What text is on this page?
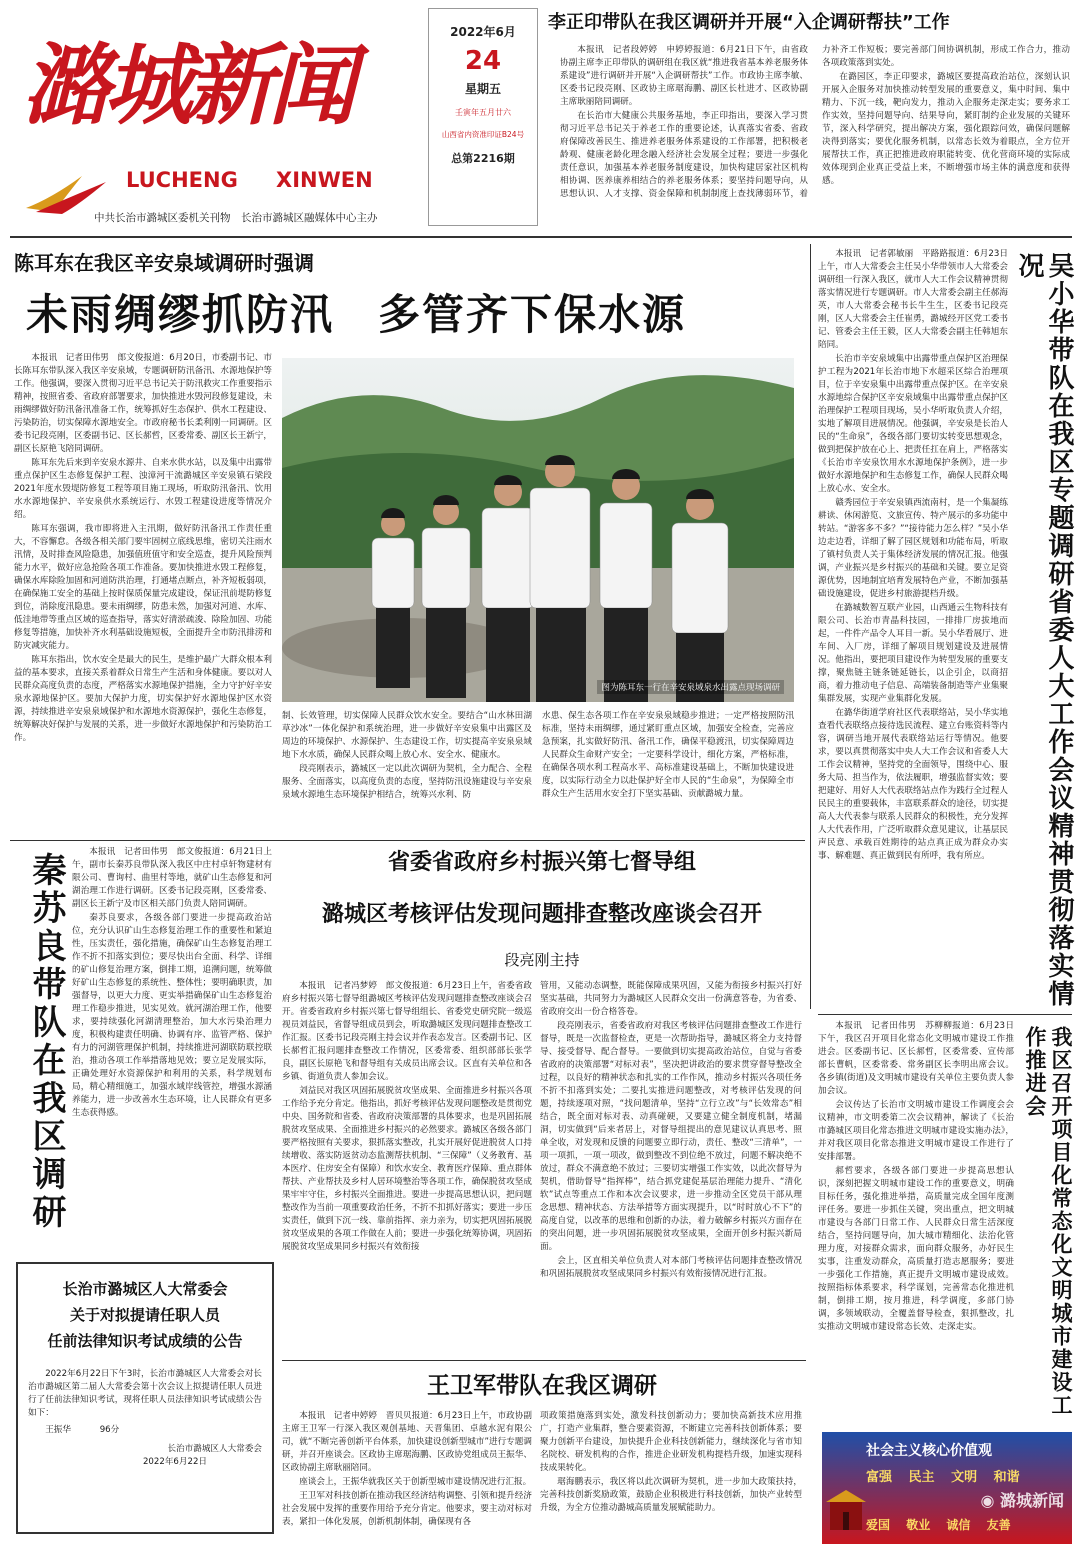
潞城新闻
LUCHENG XINWEN
中共长治市潞城区委机关刊物　长治市潞城区融媒体中心主办
2022年6月
24
星期五
壬寅年五月廿六
山西省内资准印证B24号
总第2216期
李正印带队在我区调研并开展“入企调研帮扶”工作

本报讯　记者段婷婷　申婷婷报道：6月21日下午，由省政协副主席李正印带队的调研组在我区就“推进我省基本养老服务体系建设”进行调研并开展“入企调研帮扶”工作。市政协主席李敏、区委书记段亮刚、区政协主席琚海鹏、副区长杜进才、区政协副主席耿丽陪同调研。

在长治市大健康公共服务基地，李正印指出，要深入学习贯彻习近平总书记关于养老工作的重要论述，认真落实省委、省政府保障改善民生、推进养老服务体系建设的工作部署，把积极老龄观、健康老龄化理念融入经济社会发展全过程；要进一步强化责任意识，加强基本养老服务制度建设，加快构建居家社区机构相协调、医养康养相结合的养老服务体系；要坚持问题导向，从思想认识、人才支撑、资金保障和机制制度上查找薄弱环节，着力补齐工作短板；要完善部门间协调机制，形成工作合力，推动各项政策落到实处。

在潞园区，李正印要求，潞城区要提高政治站位，深刻认识开展入企服务对加快推动转型发展的重要意义，集中时间、集中精力、下沉一线，靶向发力，推动入企服务走深走实；要务求工作实效，坚持问题导向、结果导向，紧盯制约企业发展的关键环节，深入科学研究，提出解决方案，强化跟踪问效，确保问题解决得到落实；要优化服务机制，以常态长效为着眼点，全方位开展帮扶工作，真正把推进政府职能转变、优化营商环境的实际成效体现到企业真正受益上来，不断增强市场主体的满意度和获得感。

陈耳东在我区辛安泉域调研时强调
未雨绸缪抓防汛　多管齐下保水源

本报讯　记者田伟男　郎文俊报道：6月20日，市委副书记、市长陈耳东带队深入我区辛安泉域，专题调研防汛备汛、水源地保护等工作。他强调，要深入贯彻习近平总书记关于防汛救灾工作重要指示精神，按照省委、省政府部署要求，加快推进水毁河段修复建设，未雨绸缪做好防汛备汛准备工作，统筹抓好生态保护、供水工程建设、污染防治，切实保障水源地安全。市政府秘书长柔利刚一同调研。区委书记段亮刚，区委副书记、区长郝哲，区委常委、副区长王新宁，副区长原艳飞陪同调研。

陈耳东先后来到辛安泉水源井、自来水供水站，以及集中出露带重点保护区生态修复保护工程、浊漳河干流潞城区辛安泉镇石梁段2021年度水毁堤防修复工程等项目施工现场，听取防汛备汛、饮用水水源地保护、辛安泉供水系统运行、水毁工程建设进度等情况介绍。

陈耳东强调，我市即将进入主汛期，做好防汛备汛工作责任重大，不容懈怠。各级各相关部门要牢固树立底线思维，密切关注雨水汛情，及时排查风险隐患，加强值班值守和安全巡查，提升风险预判能力水平，做好应急抢险各项工作准备。要加快推进水毁工程修复，确保水库除险加固和河道防洪治理，打通堵点断点，补齐短板弱项，在确保施工安全的基础上按时保质保量完成建设，保证汛前堤防修复到位，消除度汛隐患。要未雨绸缪，防患未然，加强对河道、水库、低洼地带等重点区域的巡查指导，落实好清淤疏浚、除险加固、功能修复等措施，加快补齐水利基础设施短板，全面提升全市防汛排涝和防灾减灾能力。

陈耳东指出，饮水安全是最大的民生，是维护最广大群众根本利益的基本要求，直接关系着群众日常生产生活和身体健康。要以对人民群众高度负责的态度，严格落实水源地保护措施，全力守护好辛安泉水源地保护区。要加大保护力度，切实保护好水源地保护区水资源，持续推进辛安泉泉域保护和水源地水资源保护，强化生态修复，统筹解决好保护与发展的关系，进一步做好水源地保护和污染防治工作。

图为陈耳东一行在辛安泉域泉水出露点现场调研

制、长效管理，切实保障人民群众饮水安全。要结合“山水林田湖草沙冰”一体化保护和系统治理，进一步做好辛安泉集中出露区及周边的环境保护、水源保护、生态建设工作，切实提高辛安泉泉域地下水水质，确保人民群众喝上放心水、安全水、健康水。

段亮刚表示，潞城区一定以此次调研为契机，全力配合、全程服务、全面落实，以高度负责的态度，坚持防汛设施建设与辛安泉泉域水源地生态环境保护相结合，统筹兴水利、防

水患、保生态各项工作在辛安泉泉域稳步推进；一定严格按照防汛标准，坚持未雨绸缪，通过紧盯重点区域，加强安全检查，完善应急预案，扎实做好防汛、备汛工作，确保平稳渡汛，切实保障周边人民群众生命财产安全；一定要科学设计，细化方案，严格标准，在确保各项水利工程高水平、高标准建设基础上，不断加快建设进度，以实际行动全力以赴保护好全市人民的“生命泉”，为保障全市群众生产生活用水安全打下坚实基础、贡献潞城力量。

本报讯　记者郭敏丽　平路路报道：6月23日上午，市人大常委会主任吴小华带领市人大常委会调研组一行深入我区，就市人大工作会议精神贯彻落实情况进行专题调研。市人大常委会副主任郝海英，市人大常委会秘书长牛生生，区委书记段亮刚，区人大常委会主任崔勇，潞城经开区党工委书记、管委会主任王毅，区人大常委会副主任韩旭东陪同。

长治市辛安泉域集中出露带重点保护区治理保护工程为2021年长治市地下水超采区综合治理项目，位于辛安泉集中出露带重点保护区。在辛安泉水源地综合保护区辛安泉域集中出露带重点保护区治理保护工程项目现场，吴小华听取负责人介绍，实地了解项目进展情况。他强调，辛安泉是长治人民的“生命泉”，各级各部门要切实转变思想观念，做到把保护放在心上、把责任扛在肩上，严格落实《长治市辛安泉饮用水水源地保护条例》，进一步做好水源地保护和生态修复工作，确保人民群众喝上放心水、安全水。

赣秀园位于辛安泉镇西流南村，是一个集凝练耕读、休闲游览、文旅宣传、特产展示的多功能中转站。“游客多不多？”“接待能力怎么样？”吴小华边走边看，详细了解了园区规划和功能布局，听取了镇村负责人关于集体经济发展的情况汇报。他强调，产业振兴是乡村振兴的基础和关键。要立足资源优势，因地制宜培育发展特色产业，不断加强基础设施建设，促进乡村旅游提档升级。

在潞城数智互联产业园，山西通云生物科技有限公司、长治市青晶科技园，一排排厂房拔地而起，一件件产品令人耳目一新。吴小华看展厅、进车间、入厂房，详细了解项目规划建设及进展情况。他指出，要把项目建设作为转型发展的重要支撑，聚焦链主链条链延链长，以企引企，以商招商，着力推动电子信息、高端装备制造等产业集聚集群发展，实现产业集群化发展。

在潞华街道学府社区代表联络站，吴小华实地查看代表联络点接待选民流程、建立台账资料等内容，调研当地开展代表联络站运行等情况。他要求，要以真贯彻落实中央人大工作会议和省委人大工作会议精神，坚持党的全面领导，围绕中心、服务大局、担当作为，依法履职，增强监督实效；要把建好、用好人大代表联络站点作为践行全过程人民民主的重要载体，丰富联系群众的途径，切实提高人大代表参与联系人民群众的积极性，充分发挥人大代表作用，广泛听取群众意见建议，让基层民声民意、承载百姓期待的站点真正成为群众办实事、解难题、真正做到民有所呼，我有所应。	吴小华带队在我区专题调研省委人大工作会议精神贯彻落实情况
秦苏良带队在我区调研	本报讯　记者田伟男　郎文俊报道：6月21日上午，副市长秦苏良带队深入我区中庄村卓轩物建材有限公司、曹询村、曲里村等地，就矿山生态修复和河湖治理工作进行调研。区委书记段亮刚，区委常委、副区长王新宁及市区相关部门负责人陪同调研。

秦苏良要求，各级各部门要进一步提高政治站位，充分认识矿山生态修复治理工作的重要性和紧迫性，压实责任，强化措施，确保矿山生态修复治理工作不折不扣落实到位；要尽快出台全面、科学、详细的矿山修复治理方案，倒排工期，追溯问题，统筹做好矿山生态修复的系统性、整体性；要明确职责，加强督导，以更大力度、更实举措确保矿山生态修复治理工作稳步推进，见实见效。就河湖治理工作，他要求，要持续强化河湖清理整治，加大水污染治理力度，积极构建责任明确、协调有序、监管严格、保护有力的河湖管理保护机制，持续推进河湖联防联控联治，推动各项工作举措落地见效；要立足发展实际，正确处理好水资源保护和利用的关系，科学规划布局，精心精细施工，加强水域岸线管控，增强水源涵养能力，进一步改善水生态环境，让人民群众有更多生态获得感。

省委省政府乡村振兴第七督导组
潞城区考核评估发现问题排查整改座谈会召开
段亮刚主持

本报讯　记者冯梦婷　郎文俊报道：6月23日上午，省委省政府乡村振兴第七督导组潞城区考核评估发现问题排查整改座谈会召开。省委省政府乡村振兴第七督导组组长、省委党史研究院一级巡视员刘益民，省督导组成员到会，听取潞城区发现问题排查整改工作汇报。区委书记段亮刚主持会议并作表态发言。区委副书记、区长郝哲汇报问题排查整改工作情况，区委常委、组织部部长张学良，副区长原艳飞和督导组有关成员出席会议。区直有关单位和各乡镇、街道负责人参加会议。

刘益民对我区巩固拓展脱贫攻坚成果、全面推进乡村振兴各项工作给予充分肯定。他指出，抓好考核评估发现问题整改是贯彻党中央、国务院和省委、省政府决策部署的具体要求，也是巩固拓展脱贫攻坚成果、全面推进乡村振兴的必然要求。潞城区各级各部门要严格按照有关要求，狠抓落实整改，扎实开展好促进脱贫人口持续增收、落实防返贫动态监测帮扶机制、“三保障”（义务教育、基本医疗、住房安全有保障）和饮水安全、教育医疗保障、重点群体帮扶、产业帮扶及乡村人居环境整治等各项工作，确保脱贫攻坚成果牢牢守住，乡村振兴全面推进。要进一步提高思想认识，把问题整改作为当前一项重要政治任务，不折不扣抓好落实；要进一步压实责任，做到下沉一线、靠前指挥、亲力亲为，切实把巩固拓展脱贫攻坚成果的各项工作做在人前；要进一步强化统筹协调，巩固拓展脱贫攻坚成果同乡村振兴有效衔接

管用，又能动态调整，既能保障成果巩固，又能为衔接乡村振兴打好坚实基础，共同努力为潞城区人民群众交出一份满意答卷，为省委、省政府交出一份合格答卷。

段亮刚表示，省委省政府对我区考核评估问题排查整改工作进行督导，既是一次监督检查，更是一次帮助指导，潞城区将全力支持督导、接受督导、配合督导。一要做到切实提高政治站位，自觉与省委省政府的决策部署“对标对表”，坚决把讲政治的要求贯穿督导整改全过程，以良好的精神状态和扎实的工作作风，推动乡村振兴各项任务不折不扣落到实处；二要扎实推进问题整改，对考核评估发现的问题，持续逐项对照，“找问题清单，坚持“立行立改”与“长效常态”相结合，既全面对标对表、动真碰硬，又要建立健全制度机制，堵漏洞，切实做到“后来者居上，对督导组提出的意见建议认真思考、照单全收，对发现和反馈的问题要立即行动，责任、整改“三清单”，一项一项抓，一项一项改，做到整改不到位绝不放过，问题不解决绝不放过，群众不满意绝不放过；三要切实增强工作实效，以此次督导为契机，借助督导“指挥棒”，结合抓党建促基层治理能力提升、“清化软”试点等重点工作和本次会议要求，进一步推动全区党员干部从理念思想、精神状态、方法举措等方面实现提升，以“时时放心不下”的高度自觉，以改革的思维和创新的办法，着力破解乡村振兴方面存在的突出问题，进一步巩固拓展脱贫攻坚成果，全面开创乡村振兴新局面。

会上，区直相关单位负责人对本部门考核评估问题排查整改情况和巩固拓展脱贫攻坚成果同乡村振兴有效衔接情况进行汇报。

本报讯　记者田伟男　苏柳柳报道：6月23日下午，我区召开项目化常态化文明城市建设工作推进会。区委副书记、区长郝哲，区委常委、宣传部部长曹帆，区委常委、常务副区长李明出席会议。各乡镇(街道)及文明城市建设有关单位主要负责人参加会议。

会议传达了长治市文明城市建设工作调度会会议精神，市文明委第二次会议精神，解读了《长治市潞城区项目化常态推进文明城市建设实施办法》，并对我区项目化常态推进文明城市建设工作进行了安排部署。

郝哲要求，各级各部门要进一步提高思想认识，深刻把握文明城市建设工作的重要意义，明确目标任务，强化推进举措，高质量完成全国年度测评任务。要进一步抓住关键，突出重点，把文明城市建设与各部门日常工作、人民群众日常生活深度结合，坚持问题导向，加大城市精细化、法治化管理力度，对接群众需求，面向群众服务，办好民生实事，注重发动群众，高质量打造志愿服务；要进一步强化工作措施，真正提升文明城市建设成效。按照指标体系要求，科学谋划，完善常态化推进机制，倒排工期，按月推进，科学调度，多部门协调，多领域联动，全覆盖督导检查，狠抓整改，扎实推动文明城市建设常态长效、走深走实。	我区召开项目化常态化文明城市建设工作推进会
长治市潞城区人大常委会
关于对拟提请任职人员
任前法律知识考试成绩的公告
2022年6月22日下午3时，长治市潞城区人大常委会对长治市潞城区第二届人大常委会第十次会议上拟提请任职人员进行了任前法律知识考试，现将任职人员法律知识考试成绩公告如下：
王振华	96分
长治市潞城区人大常委会
2022年6月22日
王卫军带队在我区调研

本报讯　记者申婷婷　晋贝贝报道：6月23日上午，市政协副主席王卫军一行深入我区观创基地、天晋集团、卓越水泥有限公司，就“不断完善创新平台体系，加快建设创新型城市”进行专题调研，并召开座谈会。区政协主席琚海鹏、区政协党组成员王振华、区政协副主席耿丽陪同。

座谈会上，王振华就我区关于创新型城市建设情况进行汇报。

王卫军对科技创新在推动我区经济结构调整、引领和提升经济社会发展中发挥的重要作用给予充分肯定。他要求，要主动对标对表，紧扣一体化发展，创新机制体制，确保现有各

项政策措施落到实处，激发科技创新动力；要加快高新技术应用推广，打造产业集群，整合要素资源，不断建立完善科技创新体系；要聚力创新平台建设，加快提升企业科技创新能力，继续深化与省市知名院校、研发机构的合作，推进企业研发机构提档升级，加速实现科技成果转化。

琚海鹏表示，我区将以此次调研为契机，进一步加大政策扶持，完善科技创新奖励政策，鼓励企业积极进行科技创新，加快产业转型升级，为全方位推动潞城高质量发展赋能助力。

社会主义核心价值观
富强 民主 文明 和谐
爱国 敬业 诚信 友善
◉ 潞城新闻
